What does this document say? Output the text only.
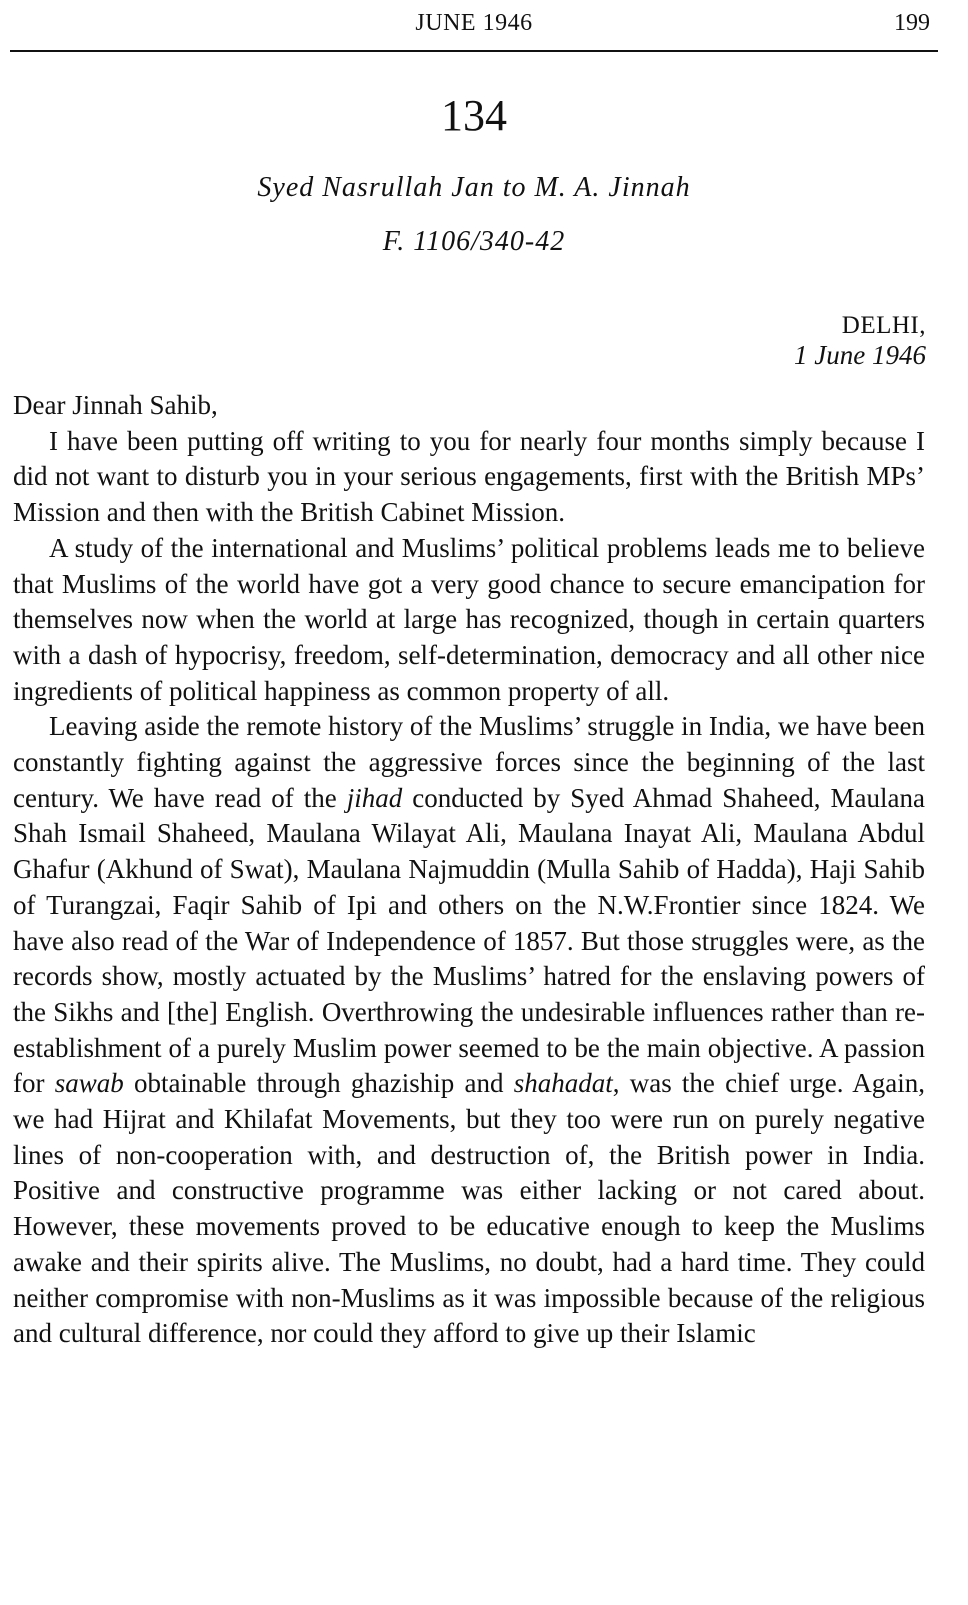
JUNE 1946	199
134
Syed Nasrullah Jan to M. A. Jinnah
F. 1106/340-42
DELHI,
1 June 1946

Dear Jinnah Sahib,

I have been putting off writing to you for nearly four months simply because I did not want to disturb you in your serious engagements, first with the British MPs’ Mission and then with the British Cabinet Mission.

A study of the international and Muslims’ political problems leads me to believe that Muslims of the world have got a very good chance to secure emancipation for themselves now when the world at large has recognized, though in certain quarters with a dash of hypocrisy, freedom, self-determination, democracy and all other nice ingredients of political happiness as common property of all.

Leaving aside the remote history of the Muslims’ struggle in India, we have been constantly fighting against the aggressive forces since the beginning of the last century. We have read of the jihad conducted by Syed Ahmad Shaheed, Maulana Shah Ismail Shaheed, Maulana Wilayat Ali, Maulana Inayat Ali, Maulana Abdul Ghafur (Akhund of Swat), Maulana Najmuddin (Mulla Sahib of Hadda), Haji Sahib of Turangzai, Faqir Sahib of Ipi and others on the N.W.Frontier since 1824. We have also read of the War of Independence of 1857. But those struggles were, as the records show, mostly actuated by the Muslims’ hatred for the enslaving powers of the Sikhs and [the] English. Overthrowing the undesirable influences rather than re-establishment of a purely Muslim power seemed to be the main objective. A passion for sawab obtainable through ghaziship and shahadat, was the chief urge. Again, we had Hijrat and Khilafat Movements, but they too were run on purely negative lines of non-cooperation with, and destruction of, the British power in India. Positive and constructive programme was either lacking or not cared about. However, these movements proved to be educative enough to keep the Muslims awake and their spirits alive. The Muslims, no doubt, had a hard time. They could neither compromise with non-Muslims as it was impossible because of the religious and cultural difference, nor could they afford to give up their Islamic
